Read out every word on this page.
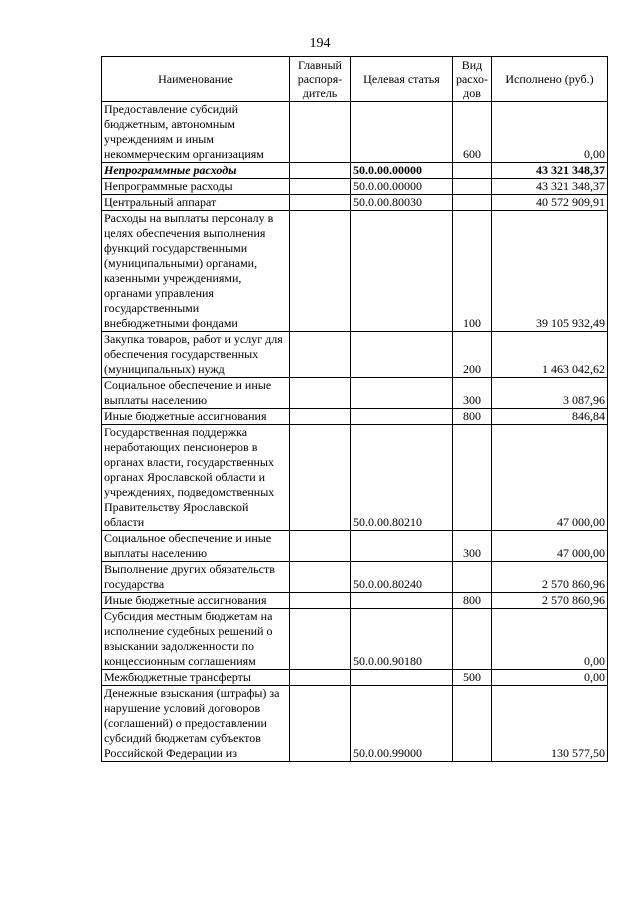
194
Наименование	Главный распоря-дитель	Целевая статья	Вид расхо-дов	Исполнено (руб.)
Предоставление субсидий бюджетным, автономным учреждениям и иным некоммерческим организациям			600	0,00
Непрограммные расходы		50.0.00.00000		43 321 348,37
Непрограммные расходы		50.0.00.00000		43 321 348,37
Центральный аппарат		50.0.00.80030		40 572 909,91
Расходы на выплаты персоналу в целях обеспечения выполнения функций государственными (муниципальными) органами, казенными учреждениями, органами управления государственными внебюджетными фондами			100	39 105 932,49
Закупка товаров, работ и услуг для обеспечения государственных (муниципальных) нужд			200	1 463 042,62
Социальное обеспечение и иные выплаты населению			300	3 087,96
Иные бюджетные ассигнования			800	846,84
Государственная поддержка неработающих пенсионеров в органах власти, государственных органах Ярославской области и учреждениях, подведомственных Правительству Ярославской области		50.0.00.80210		47 000,00
Социальное обеспечение и иные выплаты населению			300	47 000,00
Выполнение других обязательств государства		50.0.00.80240		2 570 860,96
Иные бюджетные ассигнования			800	2 570 860,96
Субсидия местным бюджетам на исполнение судебных решений о взыскании задолженности по концессионным соглашениям		50.0.00.90180		0,00
Межбюджетные трансферты			500	0,00
Денежные взыскания (штрафы) за нарушение условий договоров (соглашений) о предоставлении субсидий бюджетам субъектов Российской Федерации из		50.0.00.99000		130 577,50
